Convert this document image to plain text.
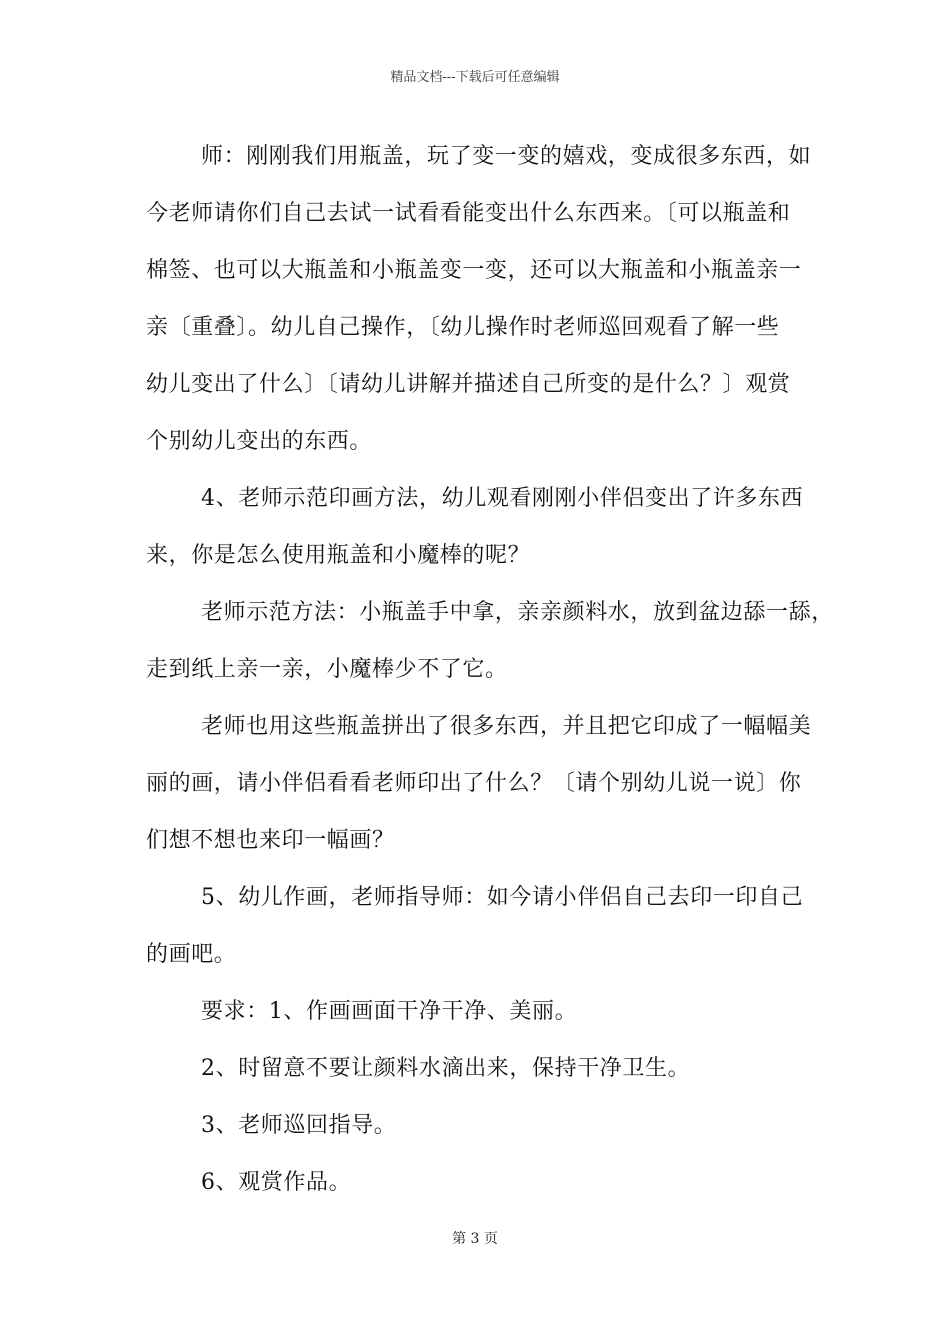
精品文档---下载后可任意编辑
师：刚刚我们用瓶盖，玩了变一变的嬉戏，变成很多东西，如
今老师请你们自己去试一试看看能变出什么东西来。〔可以瓶盖和
棉签、也可以大瓶盖和小瓶盖变一变，还可以大瓶盖和小瓶盖亲一
亲〔重叠〕。幼儿自己操作，〔幼儿操作时老师巡回观看了解一些
幼儿变出了什么〕〔请幼儿讲解并描述自己所变的是什么？〕观赏
个别幼儿变出的东西。
4、老师示范印画方法，幼儿观看刚刚小伴侣变出了许多东西
来，你是怎么使用瓶盖和小魔棒的呢？
老师示范方法：小瓶盖手中拿，亲亲颜料水，放到盆边舔一舔，
走到纸上亲一亲，小魔棒少不了它。
老师也用这些瓶盖拼出了很多东西，并且把它印成了一幅幅美
丽的画，请小伴侣看看老师印出了什么？〔请个别幼儿说一说〕你
们想不想也来印一幅画？
5、幼儿作画，老师指导师：如今请小伴侣自己去印一印自己
的画吧。
要求：1、作画画面干净干净、美丽。
2、时留意不要让颜料水滴出来，保持干净卫生。
3、老师巡回指导。
6、观赏作品。
第 3 页
